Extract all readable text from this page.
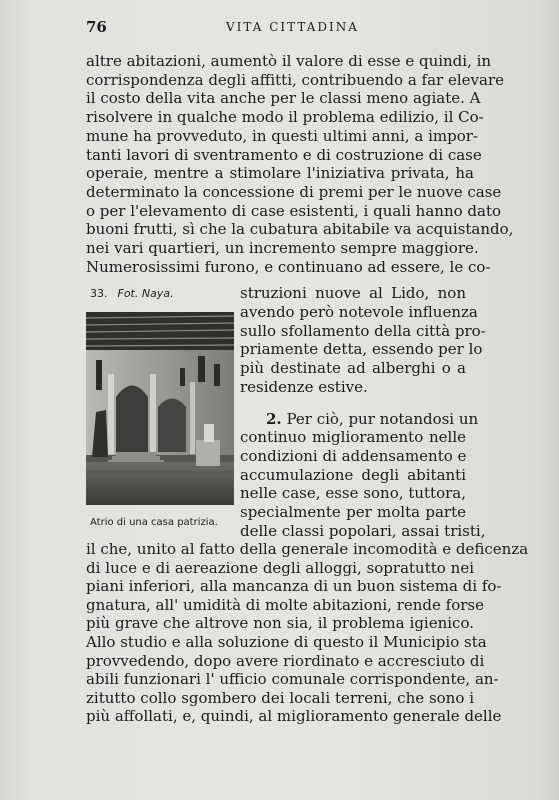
76	VITA CITTADINA
altre abitazioni, aumentò il valore di esse e quindi, in
corrispondenza degli affitti, contribuendo a far elevare
il costo della vita anche per le classi meno agiate. A
risolvere in qualche modo il problema edilizio, il Co-
mune ha provveduto, in questi ultimi anni, a impor-
tanti lavori di sventramento e di costruzione di case
operaie, mentre a stimolare l'iniziativa privata, ha
determinato la concessione di premi per le nuove case
o per l'elevamento di case esistenti, i quali hanno dato
buoni frutti, sì che la cubatura abitabile va acquistando,
nei vari quartieri, un incremento sempre maggiore.
Numerosissimi furono, e continuano ad essere, le co-
33. Fot. Naya.
Atrio di una casa patrizia.
struzioni nuove al Lido, non
avendo però notevole influenza
sullo sfollamento della città pro-
priamente detta, essendo per lo
più destinate ad alberghi o a
residenze estive.
2. Per ciò, pur notandosi un
continuo miglioramento nelle
condizioni di addensamento e
accumulazione degli abitanti
nelle case, esse sono, tuttora,
specialmente per molta parte
delle classi popolari, assai tristi,
il che, unito al fatto della generale incomodità e deficenza
di luce e di aereazione degli alloggi, sopratutto nei
piani inferiori, alla mancanza di un buon sistema di fo-
gnatura, all' umidità di molte abitazioni, rende forse
più grave che altrove non sia, il problema igienico.
Allo studio e alla soluzione di questo il Municipio sta
provvedendo, dopo avere riordinato e accresciuto di
abili funzionari l' ufficio comunale corrispondente, an-
zitutto collo sgombero dei locali terreni, che sono i
più affollati, e, quindi, al miglioramento generale delle
